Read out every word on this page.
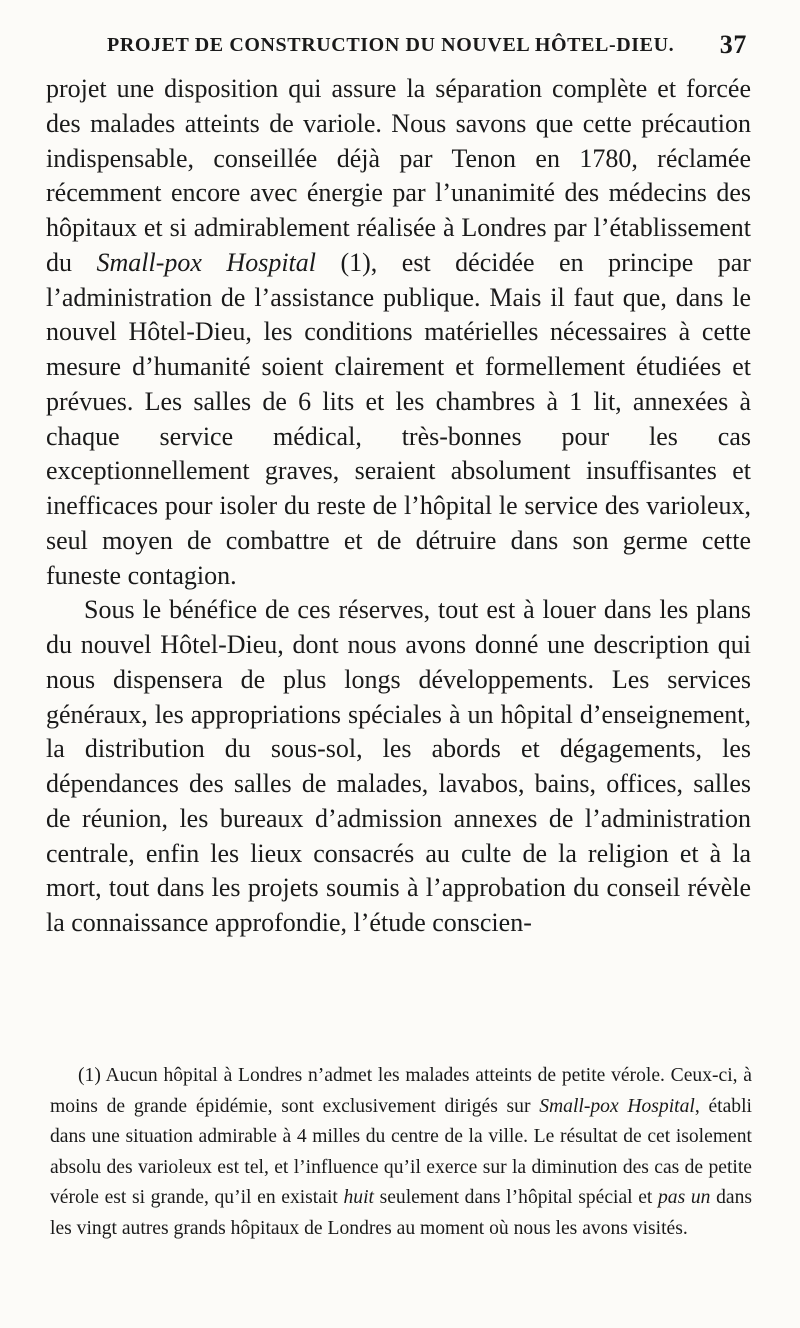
PROJET DE CONSTRUCTION DU NOUVEL HÔTEL-DIEU. 37

projet une disposition qui assure la séparation complète et forcée des malades atteints de variole. Nous savons que cette précaution indispensable, conseillée déjà par Tenon en 1780, réclamée récemment encore avec énergie par l’unanimité des médecins des hôpitaux et si admirablement réalisée à Londres par l’établissement du Small-pox Hospital (1), est décidée en principe par l’administration de l’assistance publique. Mais il faut que, dans le nouvel Hôtel-Dieu, les conditions matérielles nécessaires à cette mesure d’humanité soient clairement et formellement étudiées et prévues. Les salles de 6 lits et les chambres à 1 lit, annexées à chaque service médical, très-bonnes pour les cas exceptionnellement graves, seraient absolument insuffisantes et inefficaces pour isoler du reste de l’hôpital le service des varioleux, seul moyen de combattre et de détruire dans son germe cette funeste contagion.

Sous le bénéfice de ces réserves, tout est à louer dans les plans du nouvel Hôtel-Dieu, dont nous avons donné une description qui nous dispensera de plus longs développements. Les services généraux, les appropriations spéciales à un hôpital d’enseignement, la distribution du sous-sol, les abords et dégagements, les dépendances des salles de malades, lavabos, bains, offices, salles de réunion, les bureaux d’admission annexes de l’administration centrale, enfin les lieux consacrés au culte de la religion et à la mort, tout dans les projets soumis à l’approbation du conseil révèle la connaissance approfondie, l’étude conscien-

(1) Aucun hôpital à Londres n’admet les malades atteints de petite vérole. Ceux-ci, à moins de grande épidémie, sont exclusivement dirigés sur Small-pox Hospital, établi dans une situation admirable à 4 milles du centre de la ville. Le résultat de cet isolement absolu des varioleux est tel, et l’influence qu’il exerce sur la diminution des cas de petite vérole est si grande, qu’il en existait huit seulement dans l’hôpital spécial et pas un dans les vingt autres grands hôpitaux de Londres au moment où nous les avons visités.
